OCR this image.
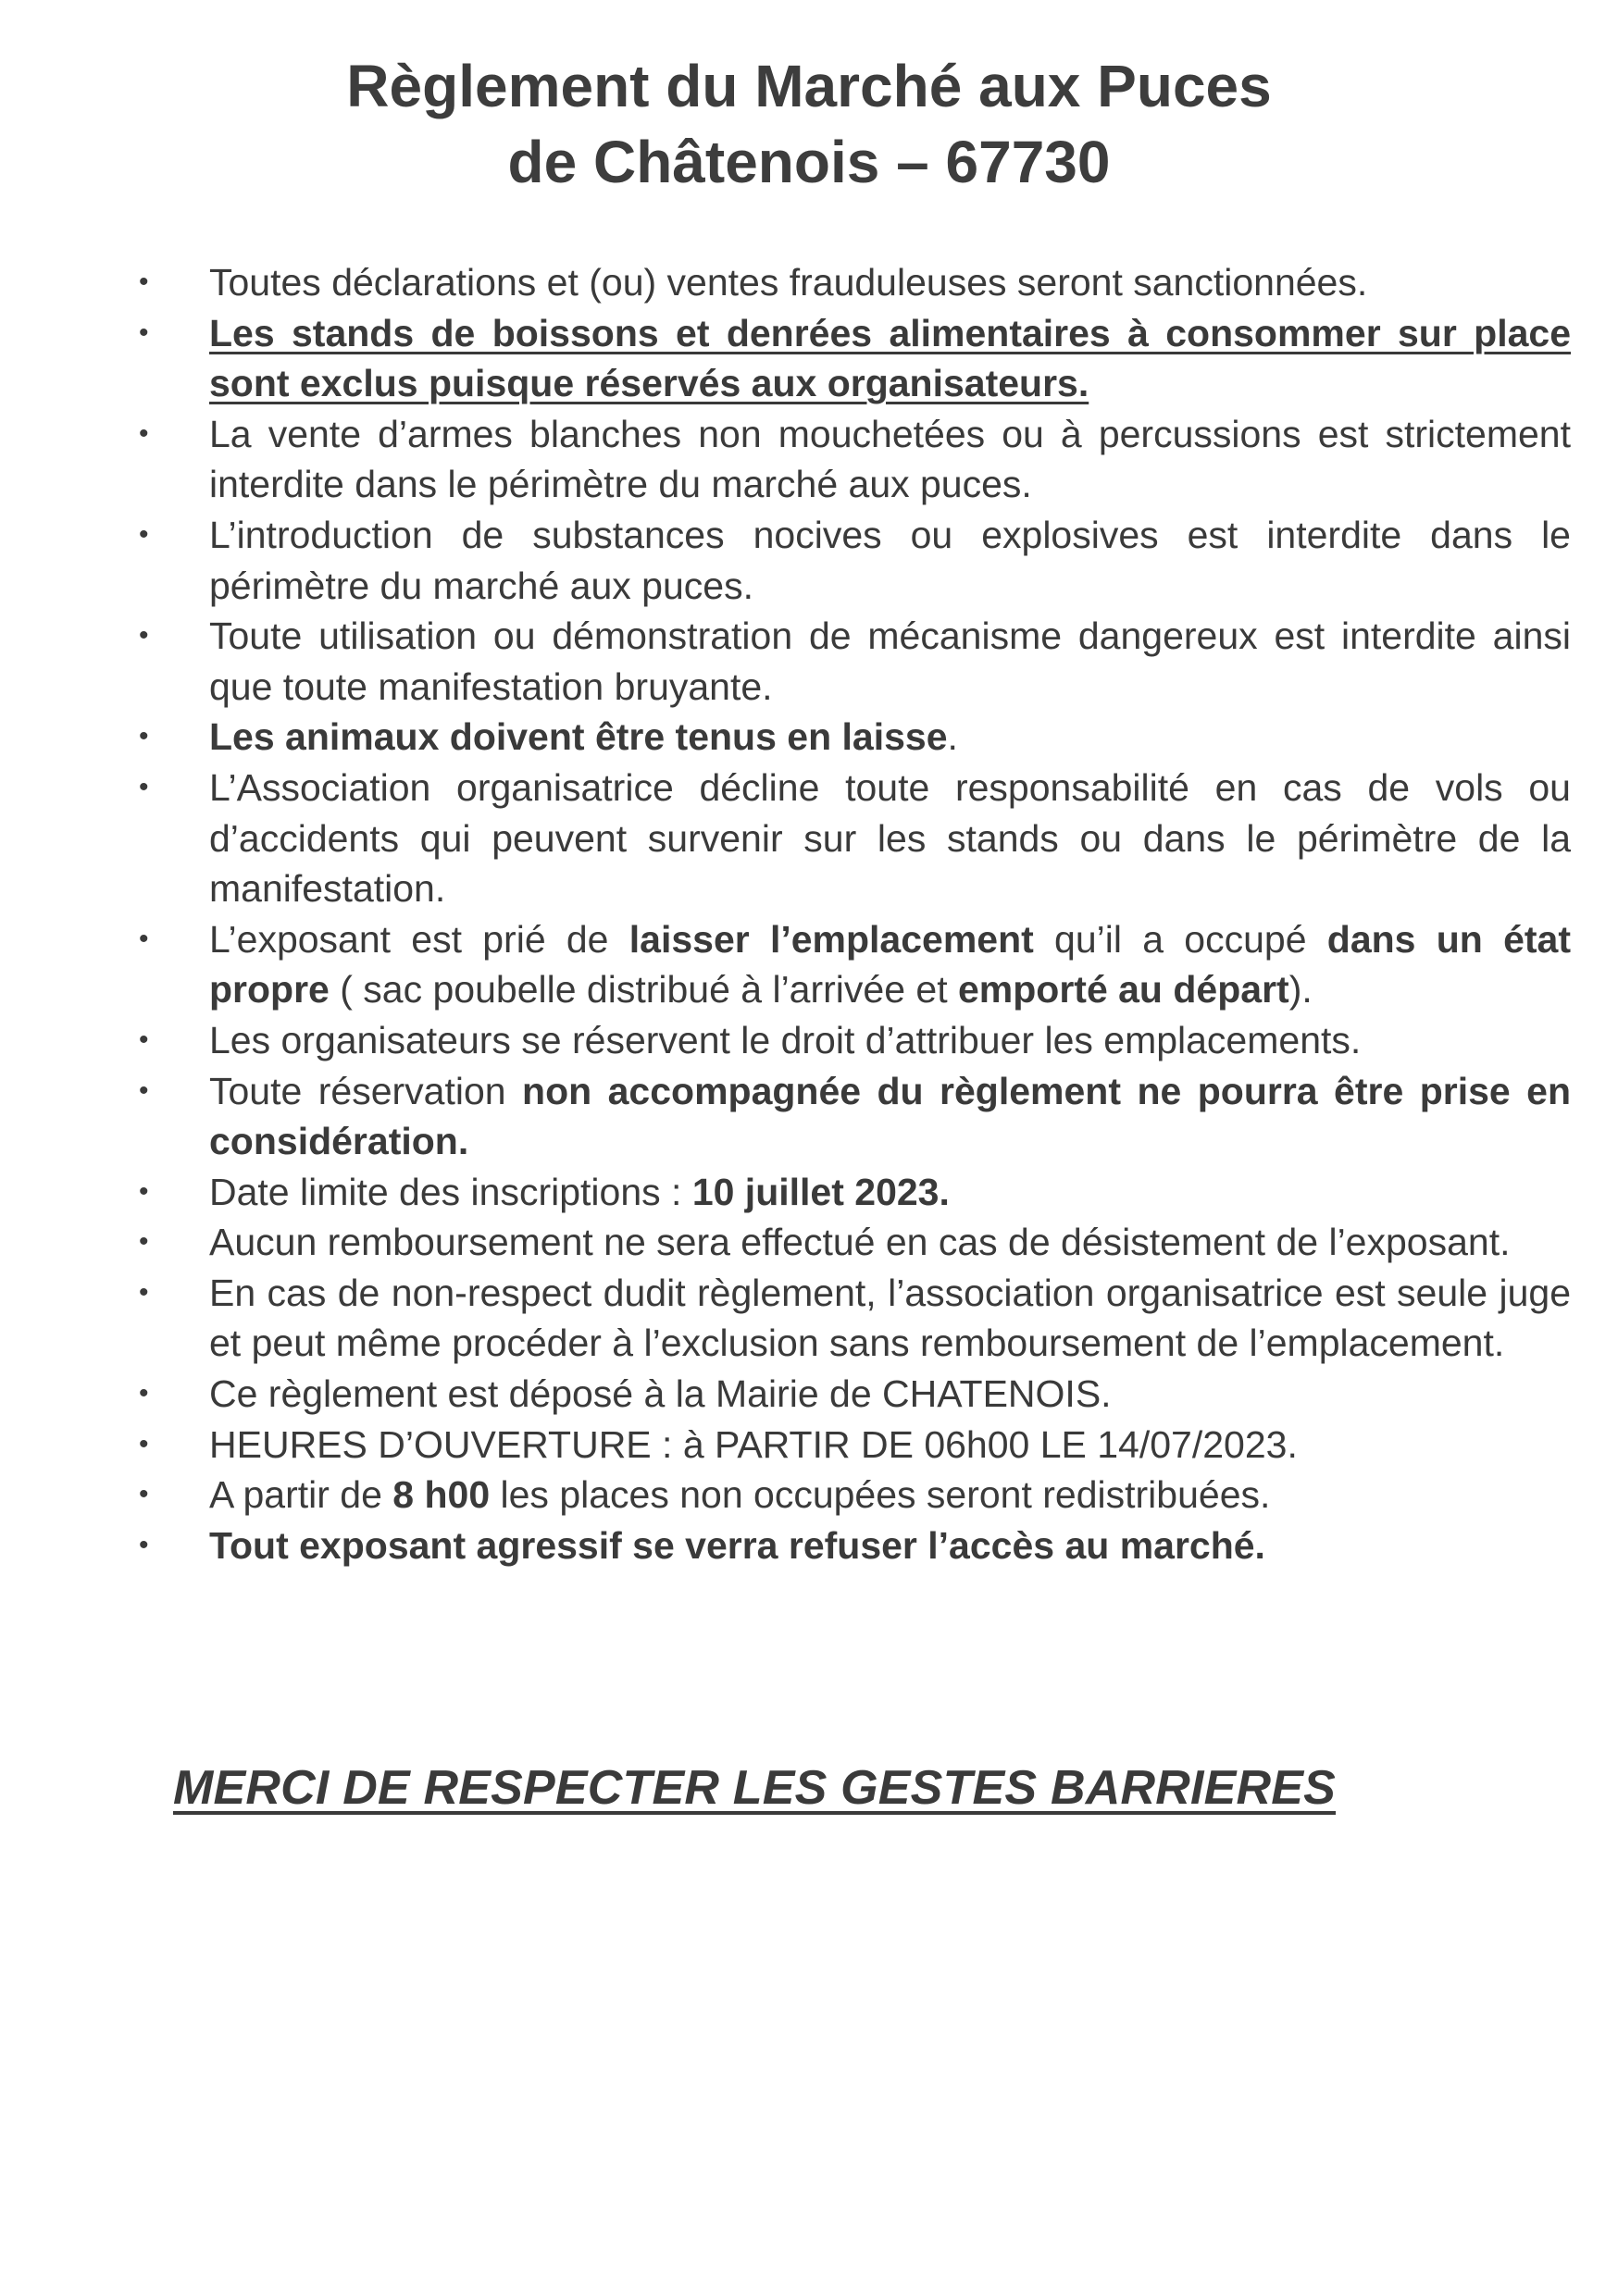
Règlement du Marché aux Puces
de Châtenois – 67730
• Toutes déclarations et (ou) ventes frauduleuses seront sanctionnées.
• Les stands de boissons et denrées alimentaires à consommer sur place sont exclus puisque réservés aux organisateurs.
• La vente d’armes blanches non mouchetées ou à percussions est strictement interdite dans le périmètre du marché aux puces.
• L’introduction de substances nocives ou explosives est interdite dans le périmètre du marché aux puces.
• Toute utilisation ou démonstration de mécanisme dangereux est interdite ainsi que toute manifestation bruyante.
• Les animaux doivent être tenus en laisse.
• L’Association organisatrice décline toute responsabilité en cas de vols ou d’accidents qui peuvent survenir sur les stands ou dans le périmètre de la manifestation.
• L’exposant est prié de laisser l’emplacement qu’il a occupé dans un état propre ( sac poubelle distribué à l’arrivée et emporté au départ).
• Les organisateurs se réservent le droit d’attribuer les emplacements.
• Toute réservation non accompagnée du règlement ne pourra être prise en considération.
• Date limite des inscriptions : 10 juillet 2023.
• Aucun remboursement ne sera effectué en cas de désistement de l’exposant.
• En cas de non-respect dudit règlement, l’association organisatrice est seule juge et peut même procéder à l’exclusion sans remboursement de l’emplacement.
• Ce règlement est déposé à la Mairie de CHATENOIS.
• HEURES D’OUVERTURE : à PARTIR DE 06h00 LE 14/07/2023.
• A partir de 8 h00 les places non occupées seront redistribuées.
• Tout exposant agressif se verra refuser l’accès au marché.
MERCI DE RESPECTER LES GESTES BARRIERES
